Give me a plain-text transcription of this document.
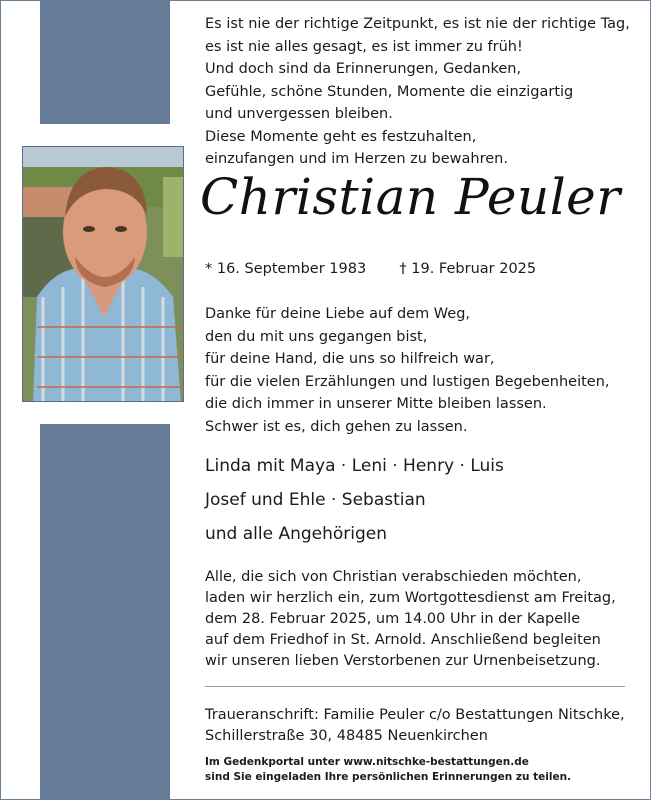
Es ist nie der richtige Zeitpunkt, es ist nie der richtige Tag,
es ist nie alles gesagt, es ist immer zu früh!
Und doch sind da Erinnerungen, Gedanken,
Gefühle, schöne Stunden, Momente die einzigartig
und unvergessen bleiben.
Diese Momente geht es festzuhalten,
einzufangen und im Herzen zu bewahren.
Christian Peuler
* 16. September 1983 † 19. Februar 2025
Danke für deine Liebe auf dem Weg,
den du mit uns gegangen bist,
für deine Hand, die uns so hilfreich war,
für die vielen Erzählungen und lustigen Begebenheiten,
die dich immer in unserer Mitte bleiben lassen.
Schwer ist es, dich gehen zu lassen.
Linda mit Maya · Leni · Henry · Luis
Josef und Ehle · Sebastian
und alle Angehörigen
Alle, die sich von Christian verabschieden möchten,
laden wir herzlich ein, zum Wortgottesdienst am Freitag,
dem 28. Februar 2025, um 14.00 Uhr in der Kapelle
auf dem Friedhof in St. Arnold. Anschließend begleiten
wir unseren lieben Verstorbenen zur Urnenbeisetzung.
Traueranschrift: Familie Peuler c/o Bestattungen Nitschke,
Schillerstraße 30, 48485 Neuenkirchen
Im Gedenkportal unter www.nitschke-bestattungen.de
sind Sie eingeladen Ihre persönlichen Erinnerungen zu teilen.
